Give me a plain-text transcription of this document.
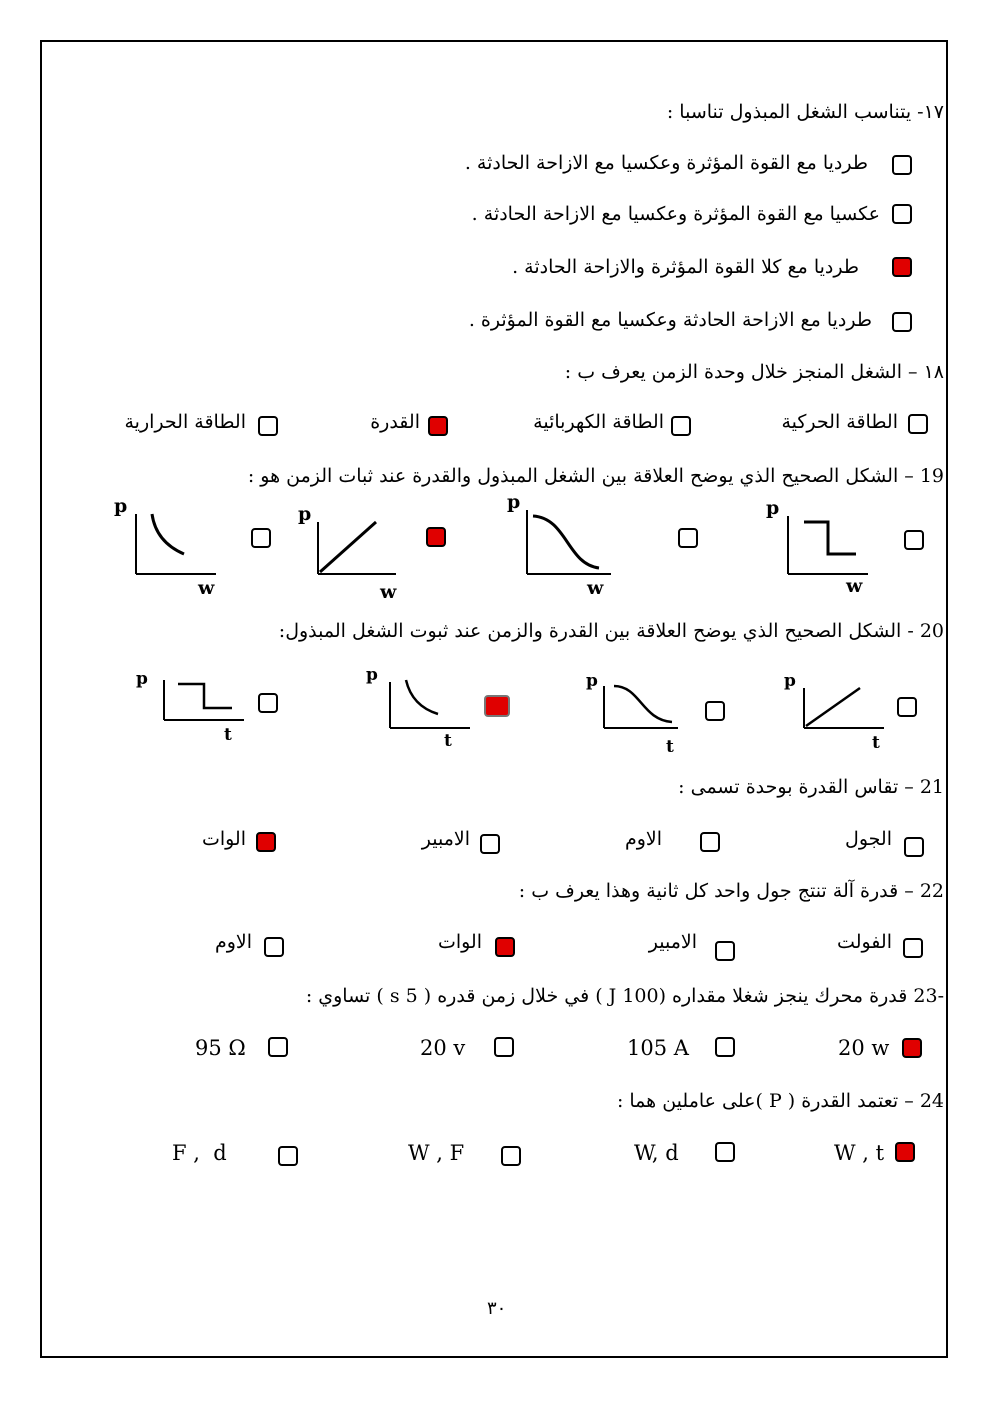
١٧- يتناسب الشغل المبذول تناسبا :
طرديا مع القوة المؤثرة وعكسيا مع الازاحة الحادثة .
عكسيا مع القوة المؤثرة وعكسيا مع الازاحة الحادثة .
طرديا مع كلا القوة المؤثرة والازاحة الحادثة .
طرديا مع الازاحة الحادثة وعكسيا مع القوة المؤثرة .
١٨ – الشغل المنجز خلال وحدة الزمن يعرف ب :
الطاقة الحركية
الطاقة الكهربائية
القدرة
الطاقة الحرارية
19 – الشكل الصحيح الذي يوضح العلاقة بين الشغل المبذول والقدرة عند ثبات الزمن هو :
p
w
p
w
p
w
p
w
20 - الشكل الصحيح الذي يوضح العلاقة بين القدرة والزمن عند ثبوت الشغل المبذول:
p
t
p
t
p
t
p
t
21 – تقاس القدرة بوحدة تسمى :
الجول
الاوم
الامبير
الوات
22 – قدرة آلة تنتج جول واحد كل ثانية وهذا يعرف ب :
الفولت
الامبير
الوات
الاوم
-23 قدرة محرك ينجز شغلا مقداره (100 J ) في خلال زمن قدره ( 5 s ) تساوي :
20 w
105 A
20 v
95 Ω
24 – تعتمد القدرة ( P )على عاملين هما :
W , t
W, d
W , F
F ,  d
٣٠
